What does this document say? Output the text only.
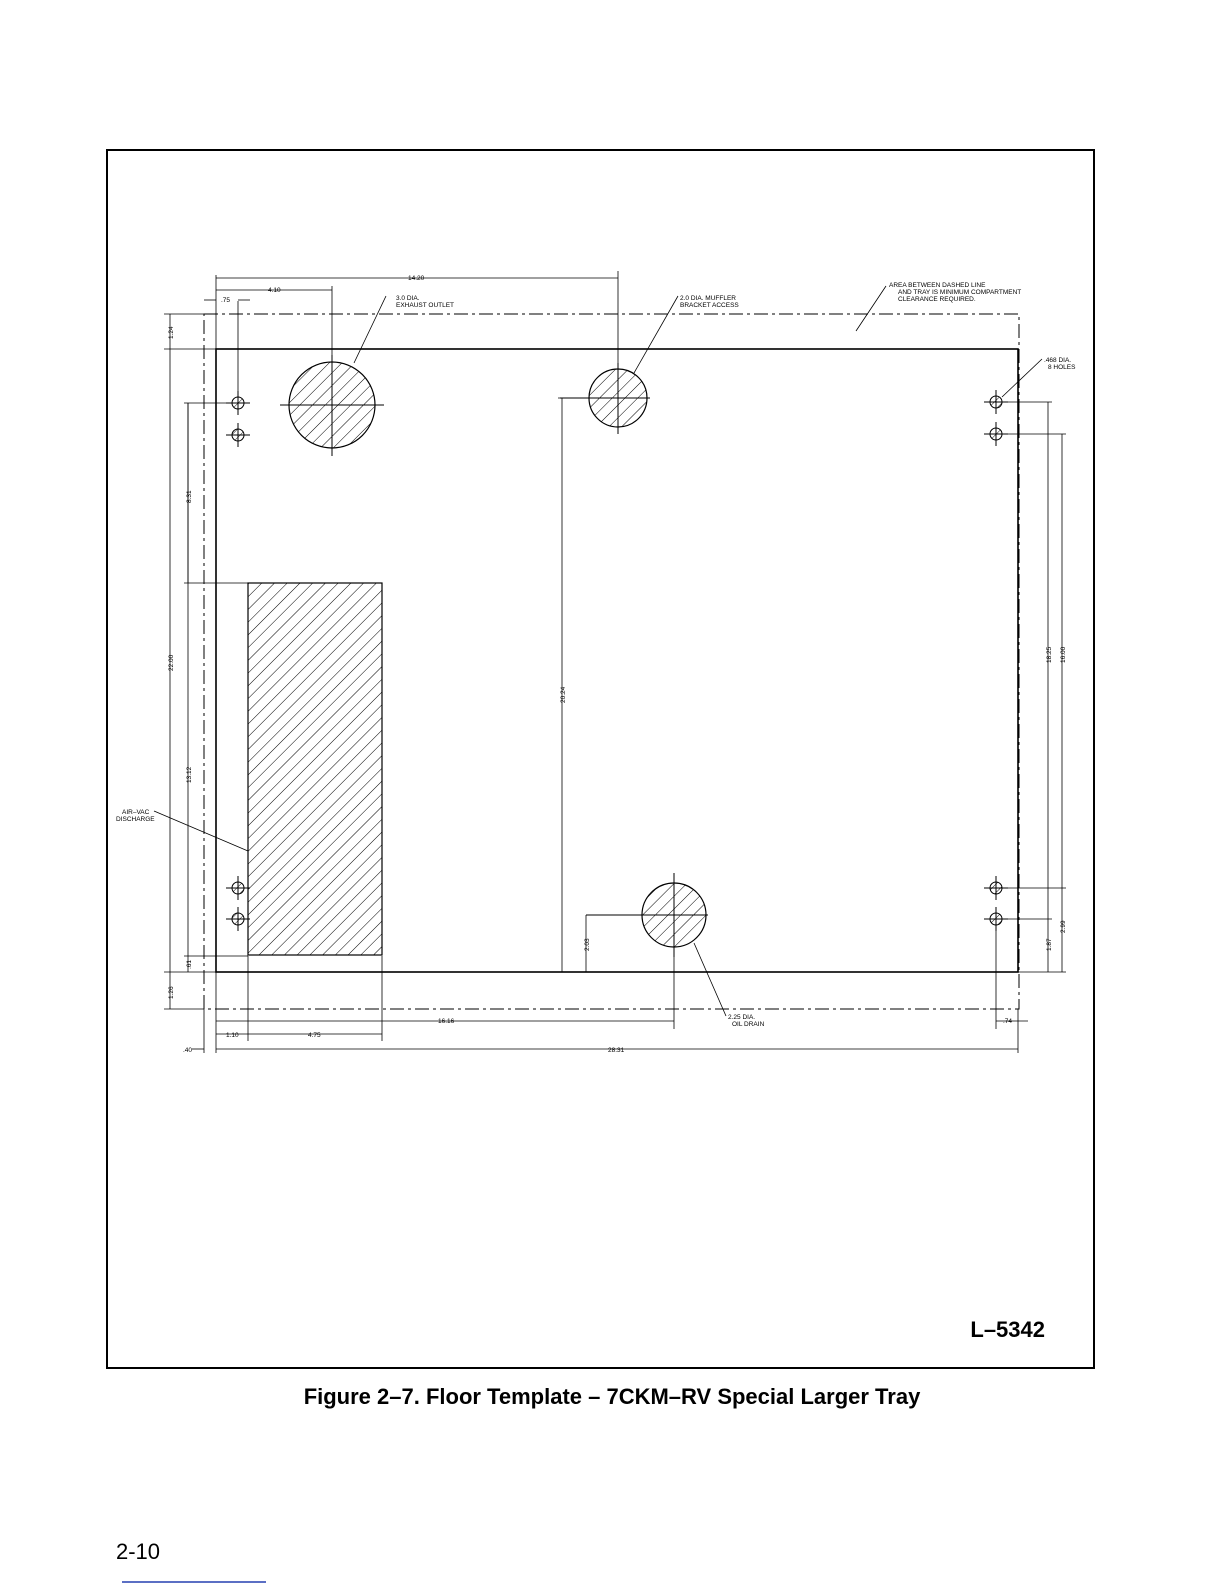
14.20
4.10
.75
1.24
8.31
22.00
13.12
.61
1.26
20.24
2.03
18.25 16.00
1.87
2.99
16.16	.74
1.10	4.75
.40	28.31
3.0 DIA.
EXHAUST OUTLET
2.0 DIA. MUFFLER
BRACKET ACCESS
AREA BETWEEN DASHED LINE
AND TRAY IS MINIMUM COMPARTMENT
CLEARANCE REQUIRED.
.468 DIA.
8 HOLES
AIR–VAC
DISCHARGE
2.25 DIA.
OIL DRAIN
L–5342
Figure 2–7. Floor Template – 7CKM–RV Special Larger Tray
2-10
